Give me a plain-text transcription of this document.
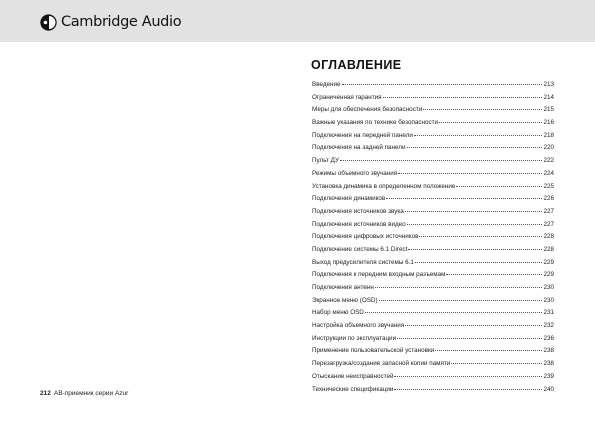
Cambridge Audio
ОГЛАВЛЕНИЕ
Введение	213
Ограниченная гарантия	214
Меры для обеспечения безопасности	215
Важные указания по технике безопасности	216
Подключения на передней панели	218
Подключения на задней панели	220
Пульт ДУ	222
Режимы объемного звучания	224
Установка динамика в определенном положение	225
Подключения динамиков	226
Подключения источников звука	227
Подключения источников видео	227
Подключения цифровых источников	228
Подключение системы 6.1 Direct	228
Выход предусилителя системы 6.1	229
Подключения к передним входным разъемам	229
Подключения антенн	230
Экранное меню (OSD)	230
Набор меню OSD	231
Настройка объемного звучания	232
Инструкции по эксплуатации	236
Применение пользовательской установки	238
Перезагрузка/создание запасной копии памяти	238
Отыскание неисправностей	239
Технические спецификации	240
212 АВ-приемник серии Azur
